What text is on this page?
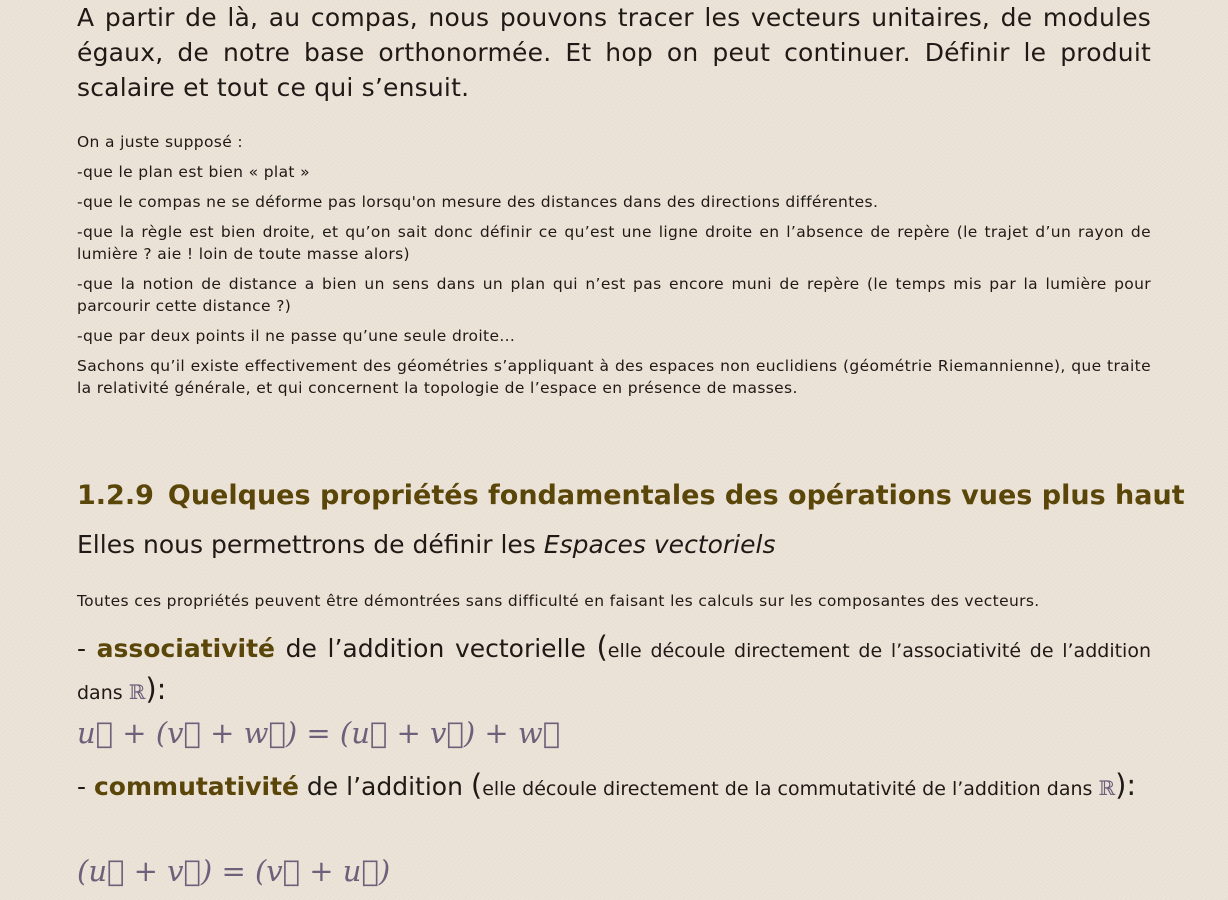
A partir de là, au compas, nous pouvons tracer les vecteurs unitaires, de modules égaux, de notre base orthonormée. Et hop on peut continuer. Définir le produit scalaire et tout ce qui s’ensuit.

On a juste supposé :

-que le plan est bien « plat »

-que le compas ne se déforme pas lorsqu'on mesure des distances dans des directions différentes.

-que la règle est bien droite, et qu’on sait donc définir ce qu’est une ligne droite en l’absence de repère (le trajet d’un rayon de lumière ? aie ! loin de toute masse alors)

-que la notion de distance a bien un sens dans un plan qui n’est pas encore muni de repère (le temps mis par la lumière pour parcourir cette distance ?)

-que par deux points il ne passe qu’une seule droite...

Sachons qu’il existe effectivement des géométries s’appliquant à des espaces non euclidiens (géométrie Riemannienne), que traite la relativité générale, et qui concernent la topologie de l’espace en présence de masses.

1.2.9 Quelques propriétés fondamentales des opérations vues plus haut

Elles nous permettrons de définir les Espaces vectoriels

Toutes ces propriétés peuvent être démontrées sans difficulté en faisant les calculs sur les composantes des vecteurs.

- associativité de l’addition vectorielle (elle découle directement de l’associativité de l’addition dans ℝ):

u⃗ + (v⃗ + w⃗) = (u⃗ + v⃗) + w⃗

- commutativité de l’addition (elle découle directement de la commutativité de l’addition dans ℝ):

(u⃗ + v⃗) = (v⃗ + u⃗)
